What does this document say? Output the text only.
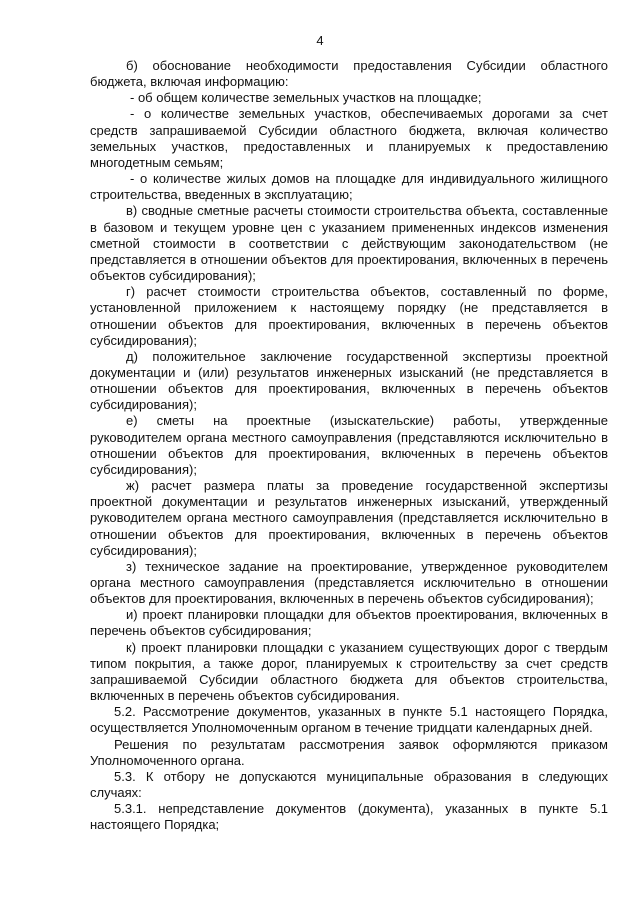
4

б) обоснование необходимости предоставления Субсидии областного бюджета, включая информацию:

- об общем количестве земельных участков на площадке;

- о количестве земельных участков, обеспечиваемых дорогами за счет средств запрашиваемой Субсидии областного бюджета, включая количество земельных участков, предоставленных и планируемых к предоставлению многодетным семьям;

- о количестве жилых домов на площадке для индивидуального жилищного строительства, введенных в эксплуатацию;

в) сводные сметные расчеты стоимости строительства объекта, составленные в базовом и текущем уровне цен с указанием примененных индексов изменения сметной стоимости в соответствии с действующим законодательством (не представляется в отношении объектов для проектирования, включенных в перечень объектов субсидирования);

г) расчет стоимости строительства объектов, составленный по форме, установленной приложением к настоящему порядку (не представляется в отношении объектов для проектирования, включенных в перечень объектов субсидирования);

д) положительное заключение государственной экспертизы проектной документации и (или) результатов инженерных изысканий (не представляется в отношении объектов для проектирования, включенных в перечень объектов субсидирования);

е) сметы на проектные (изыскательские) работы, утвержденные руководителем органа местного самоуправления (представляются исключительно в отношении объектов для проектирования, включенных в перечень объектов субсидирования);

ж) расчет размера платы за проведение государственной экспертизы проектной документации и результатов инженерных изысканий, утвержденный руководителем органа местного самоуправления (представляется исключительно в отношении объектов для проектирования, включенных в перечень объектов субсидирования);

з) техническое задание на проектирование, утвержденное руководителем органа местного самоуправления (представляется исключительно в отношении объектов для проектирования, включенных в перечень объектов субсидирования);

и) проект планировки площадки для объектов проектирования, включенных в перечень объектов субсидирования;

к) проект планировки площадки с указанием существующих дорог с твердым типом покрытия, а также дорог, планируемых к строительству за счет средств запрашиваемой Субсидии областного бюджета для объектов строительства, включенных в перечень объектов субсидирования.

5.2. Рассмотрение документов, указанных в пункте 5.1 настоящего Порядка, осуществляется Уполномоченным органом в течение тридцати календарных дней.

Решения по результатам рассмотрения заявок оформляются приказом Уполномоченного органа.

5.3. К отбору не допускаются муниципальные образования в следующих случаях:

5.3.1. непредставление документов (документа), указанных в пункте 5.1 настоящего Порядка;
